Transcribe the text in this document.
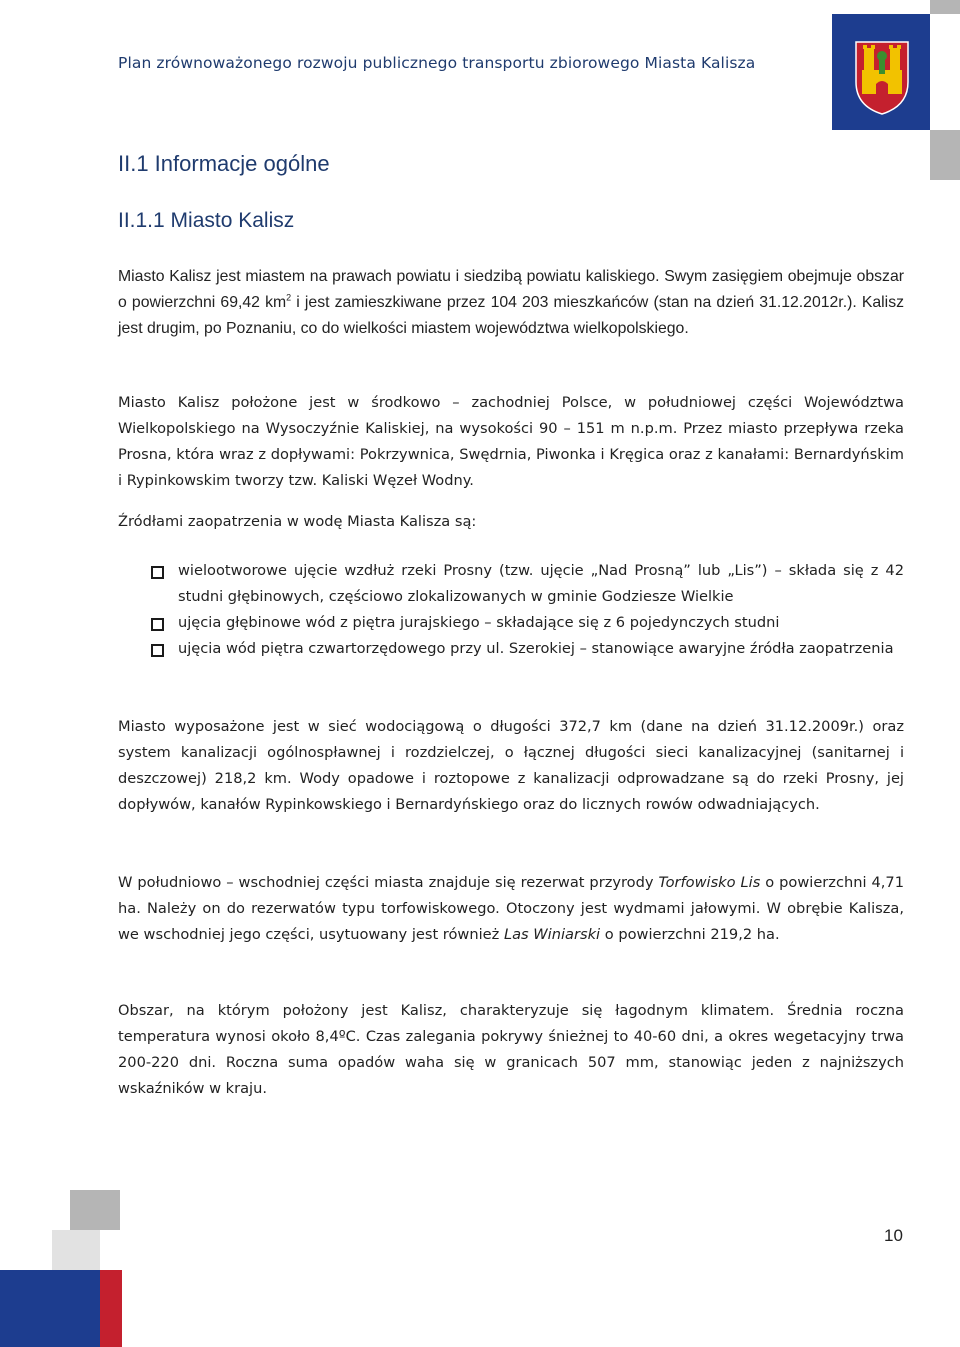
Plan zrównoważonego rozwoju publicznego transportu zbiorowego Miasta Kalisza
II.1 Informacje ogólne
II.1.1 Miasto Kalisz

Miasto Kalisz jest miastem na prawach powiatu i siedzibą powiatu kaliskiego. Swym zasięgiem obejmuje obszar o powierzchni 69,42 $km^2$ i jest zamieszkiwane przez 104 203 mieszkańców (stan na dzień 31.12.2012r.). Kalisz jest drugim, po Poznaniu, co do wielkości miastem województwa wielkopolskiego.

Miasto Kalisz położone jest w środkowo – zachodniej Polsce, w południowej części Województwa Wielkopolskiego na Wysoczyźnie Kaliskiej, na wysokości 90 – 151 m n.p.m. Przez miasto przepływa rzeka Prosna, która wraz z dopływami: Pokrzywnica, Swędrnia, Piwonka i Kręgica oraz z kanałami: Bernardyńskim i Rypinkowskim tworzy tzw. Kaliski Węzeł Wodny.

Źródłami zaopatrzenia w wodę Miasta Kalisza są:

wielootworowe ujęcie wzdłuż rzeki Prosny (tzw. ujęcie „Nad Prosną” lub „Lis”) – składa się z 42 studni głębinowych, częściowo zlokalizowanych w gminie Godziesze Wielkie
ujęcia głębinowe wód z piętra jurajskiego – składające się z 6 pojedynczych studni
ujęcia wód piętra czwartorzędowego przy ul. Szerokiej – stanowiące awaryjne źródła zaopatrzenia

Miasto wyposażone jest w sieć wodociągową o długości 372,7 km (dane na dzień 31.12.2009r.) oraz system kanalizacji ogólnospławnej i rozdzielczej, o łącznej długości sieci kanalizacyjnej (sanitarnej i deszczowej) 218,2 km. Wody opadowe i roztopowe z kanalizacji odprowadzane są do rzeki Prosny, jej dopływów, kanałów Rypinkowskiego i Bernardyńskiego oraz do licznych rowów odwadniających.

W południowo – wschodniej części miasta znajduje się rezerwat przyrody Torfowisko Lis o powierzchni 4,71 ha. Należy on do rezerwatów typu torfowiskowego. Otoczony jest wydmami jałowymi. W obrębie Kalisza, we wschodniej jego części, usytuowany jest również Las Winiarski o powierzchni 219,2 ha.

Obszar, na którym położony jest Kalisz, charakteryzuje się łagodnym klimatem. Średnia roczna temperatura wynosi około 8,4ºC. Czas zalegania pokrywy śnieżnej to 40-60 dni, a okres wegetacyjny trwa 200-220 dni. Roczna suma opadów waha się w granicach 507 mm, stanowiąc jeden z najniższych wskaźników w kraju.

10
